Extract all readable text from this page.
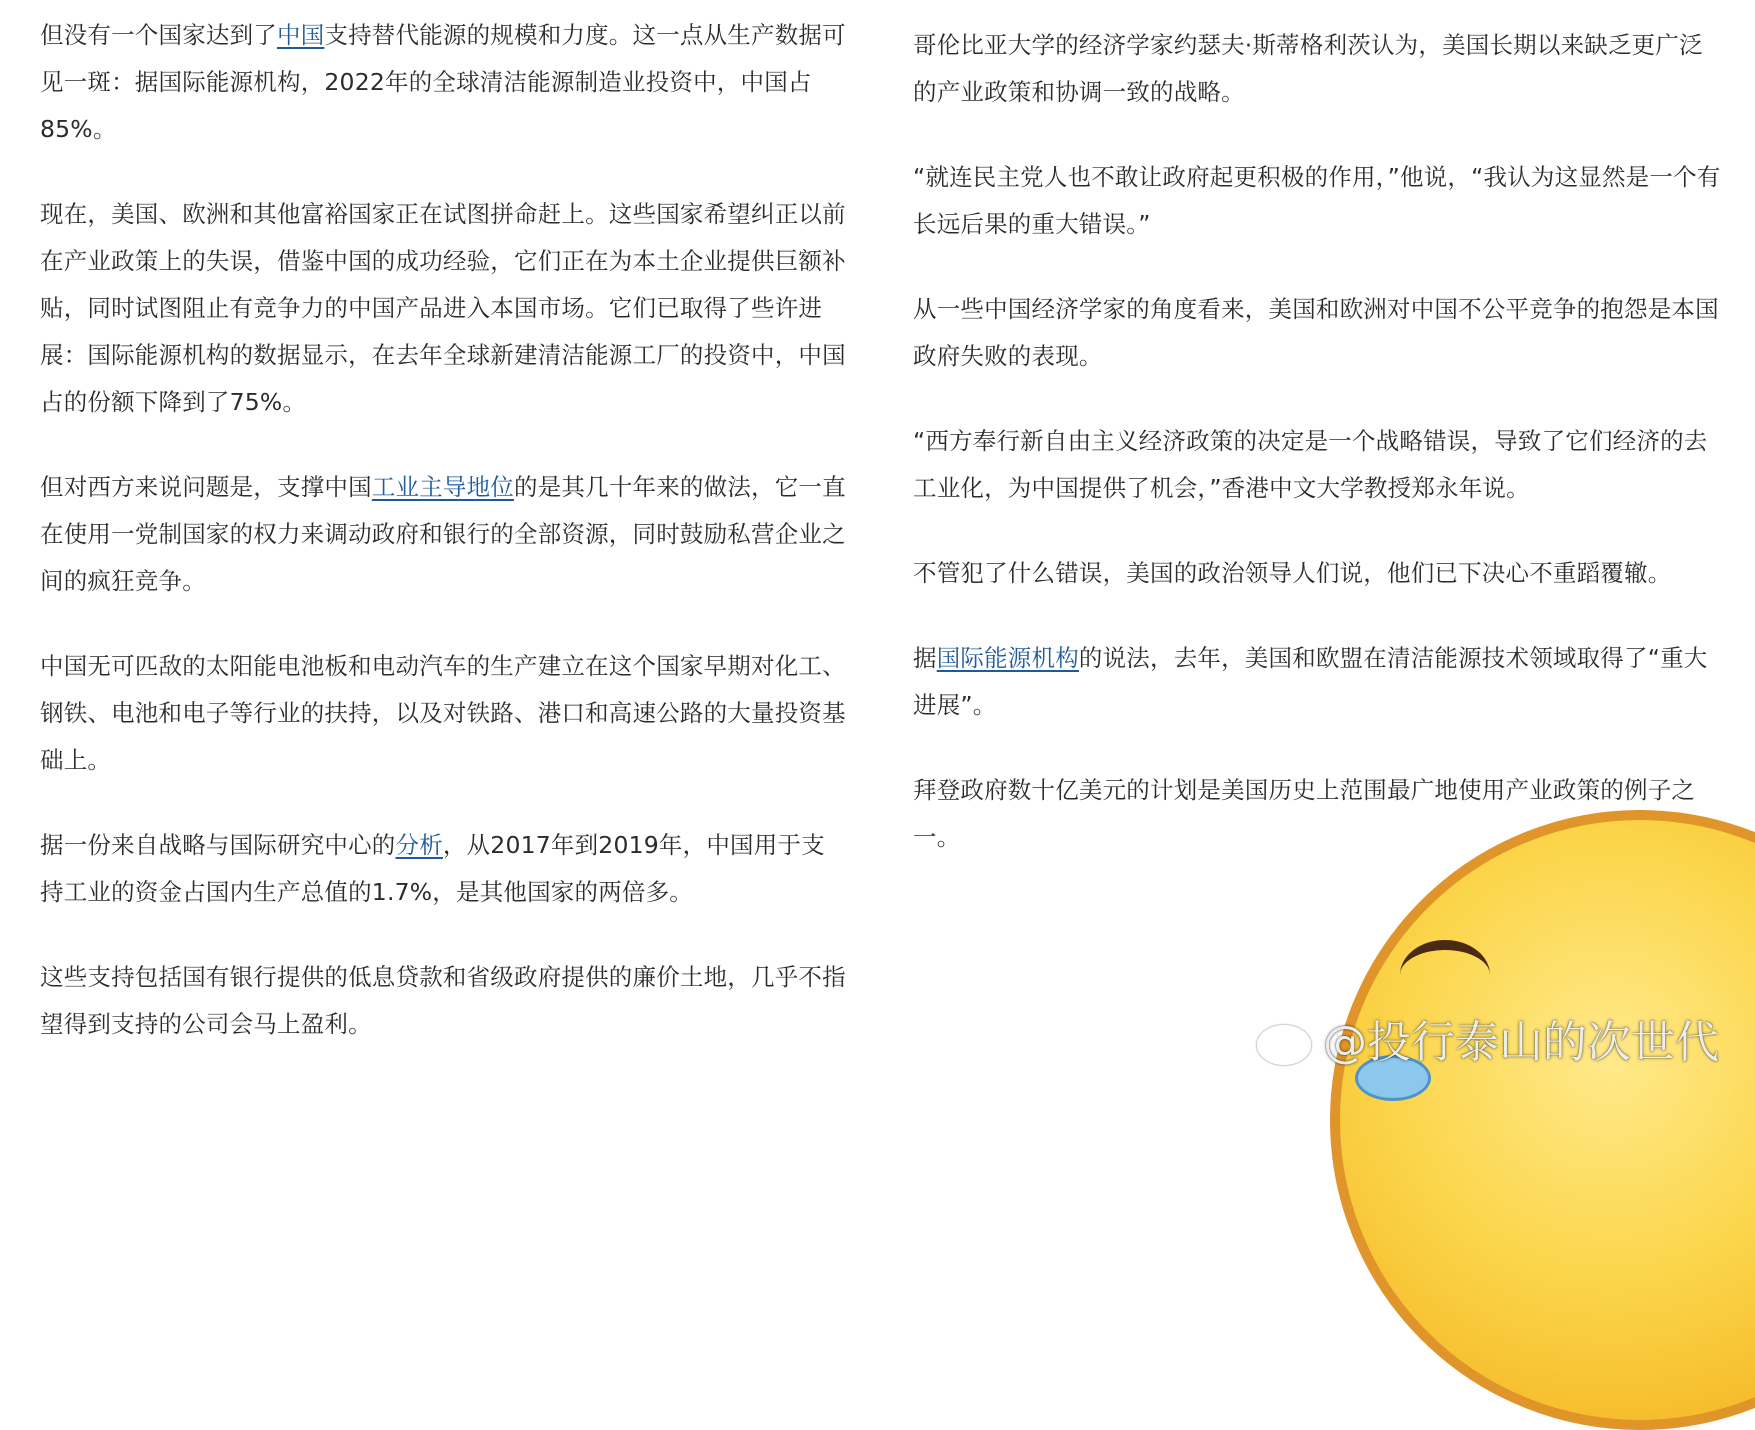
但没有一个国家达到了中国支持替代能源的规模和力度。这一点从生产数据可见一斑：据国际能源机构，2022年的全球清洁能源制造业投资中，中国占85%。

现在，美国、欧洲和其他富裕国家正在试图拼命赶上。这些国家希望纠正以前在产业政策上的失误，借鉴中国的成功经验，它们正在为本土企业提供巨额补贴，同时试图阻止有竞争力的中国产品进入本国市场。它们已取得了些许进展：国际能源机构的数据显示，在去年全球新建清洁能源工厂的投资中，中国占的份额下降到了75%。

但对西方来说问题是，支撑中国工业主导地位的是其几十年来的做法，它一直在使用一党制国家的权力来调动政府和银行的全部资源，同时鼓励私营企业之间的疯狂竞争。

中国无可匹敌的太阳能电池板和电动汽车的生产建立在这个国家早期对化工、钢铁、电池和电子等行业的扶持，以及对铁路、港口和高速公路的大量投资基础上。

据一份来自战略与国际研究中心的分析，从2017年到2019年，中国用于支持工业的资金占国内生产总值的1.7%，是其他国家的两倍多。

这些支持包括国有银行提供的低息贷款和省级政府提供的廉价土地，几乎不指望得到支持的公司会马上盈利。

哥伦比亚大学的经济学家约瑟夫·斯蒂格利茨认为，美国长期以来缺乏更广泛的产业政策和协调一致的战略。

“就连民主党人也不敢让政府起更积极的作用，”他说，“我认为这显然是一个有长远后果的重大错误。”

从一些中国经济学家的角度看来，美国和欧洲对中国不公平竞争的抱怨是本国政府失败的表现。

“西方奉行新自由主义经济政策的决定是一个战略错误，导致了它们经济的去工业化，为中国提供了机会，”香港中文大学教授郑永年说。

不管犯了什么错误，美国的政治领导人们说，他们已下决心不重蹈覆辙。

据国际能源机构的说法，去年，美国和欧盟在清洁能源技术领域取得了“重大进展”。

拜登政府数十亿美元的计划是美国历史上范围最广地使用产业政策的例子之一。

@投行泰山的次世代
